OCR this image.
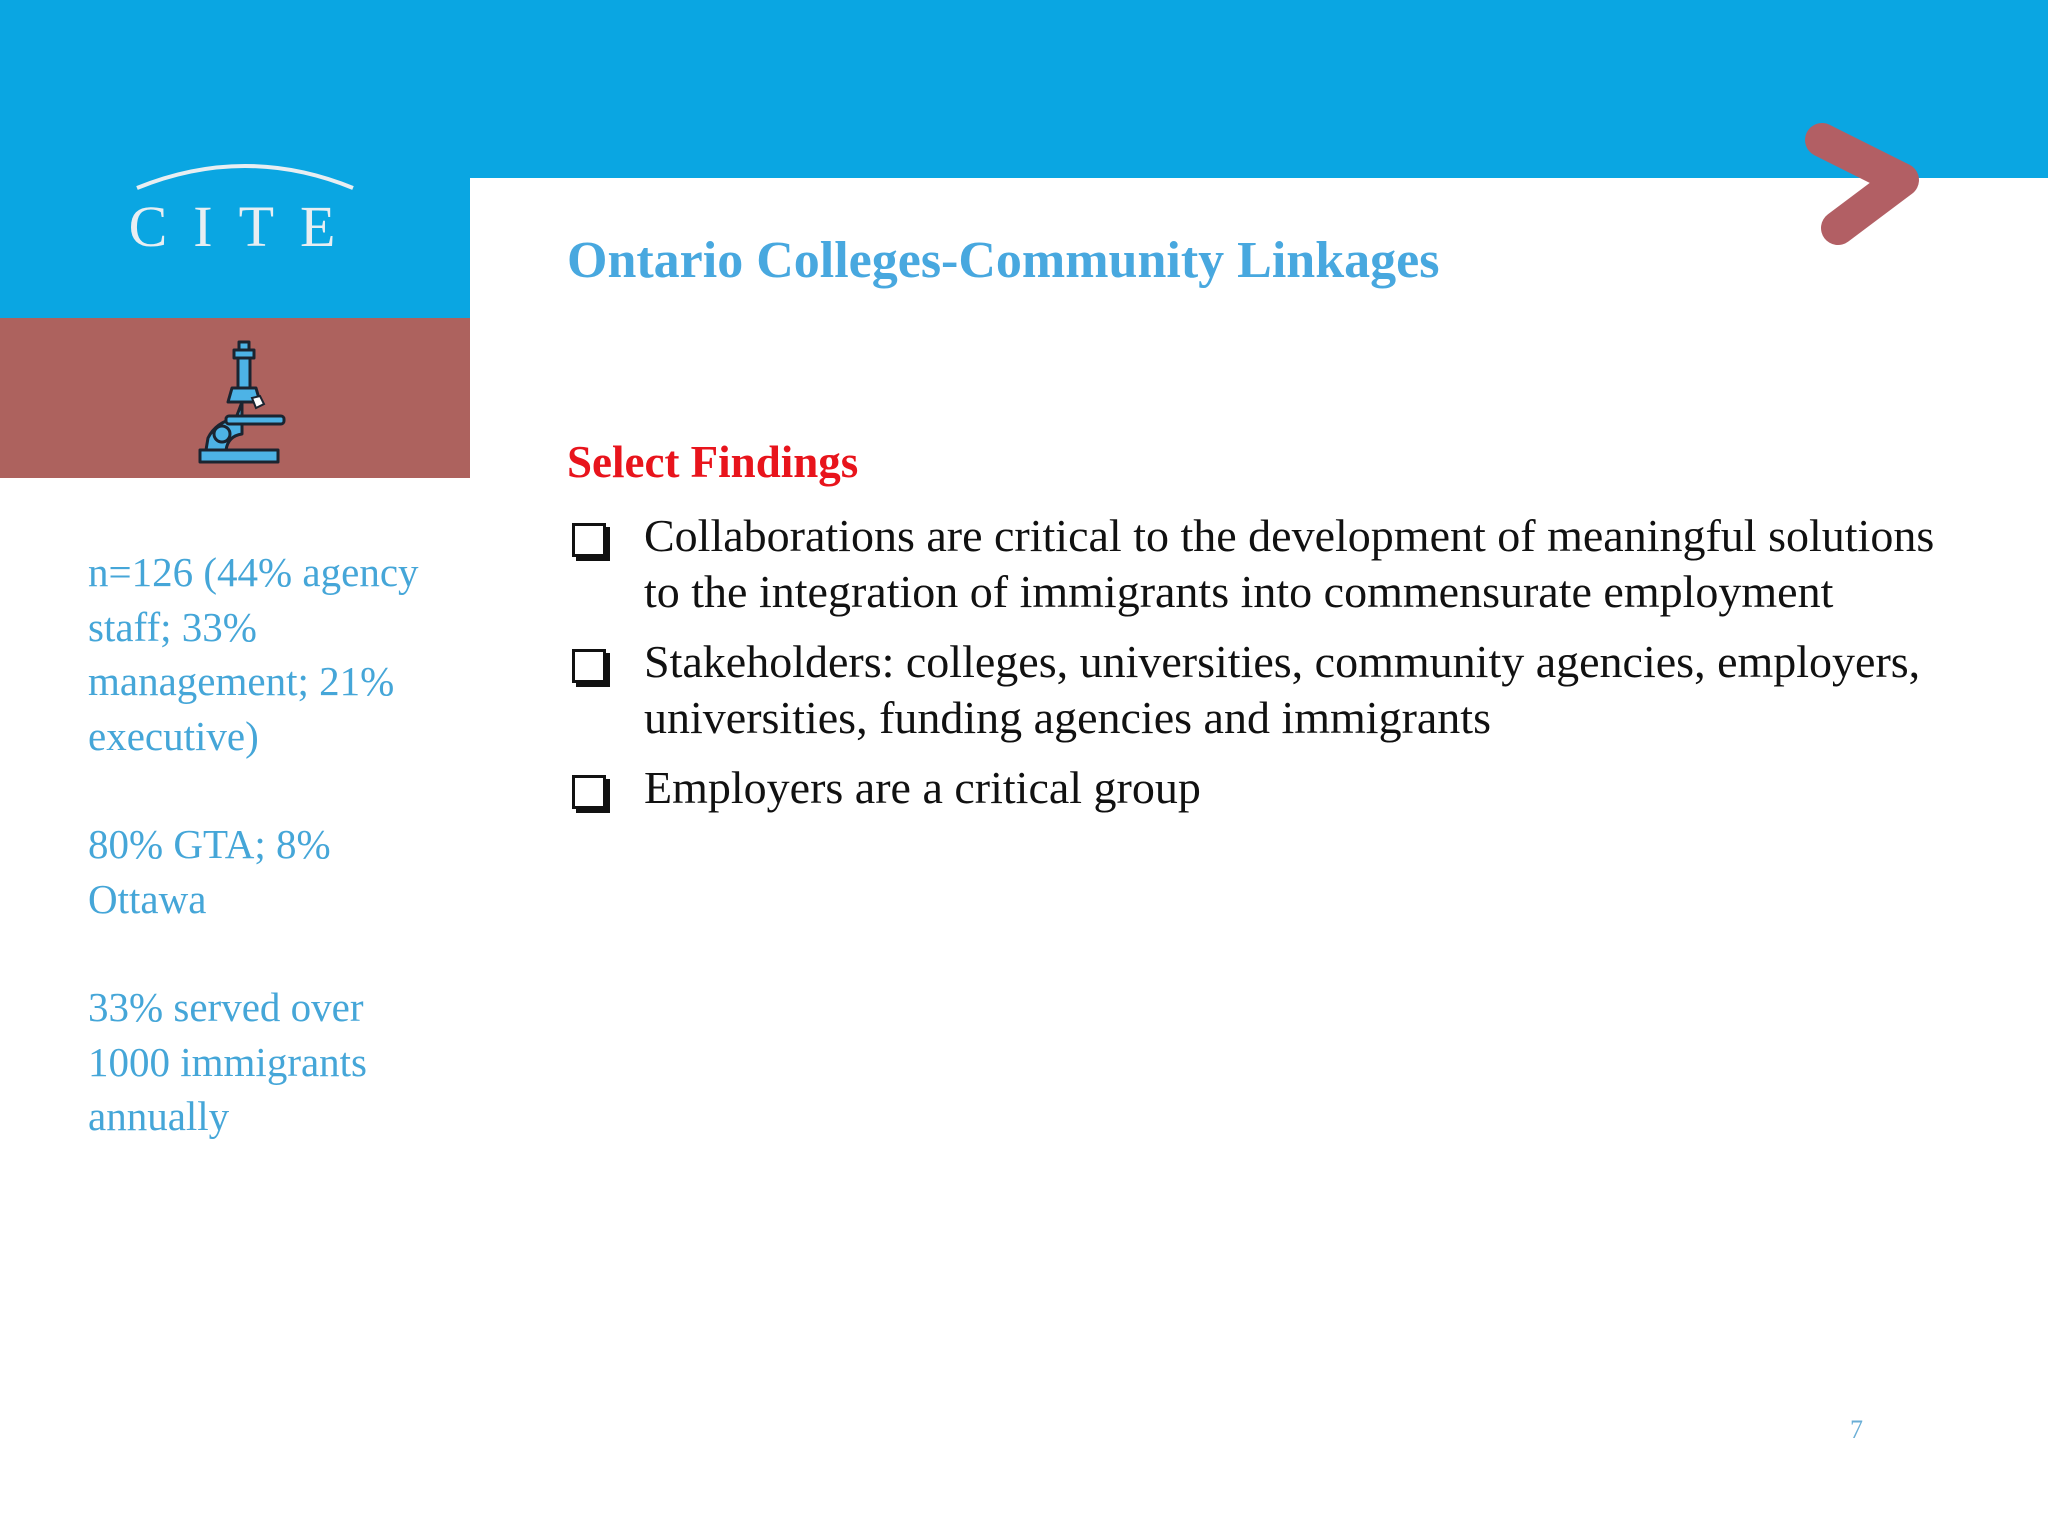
CITE

n=126 (44% agency staff; 33% management; 21% executive)

80% GTA; 8% Ottawa

33% served over 1000 immigrants annually

Ontario Colleges-Community Linkages
Select Findings
Collaborations are critical to the development of meaningful solutions to the integration of immigrants into commensurate employment
Stakeholders: colleges, universities, community agencies, employers, universities, funding agencies and immigrants
Employers are a critical group
7
